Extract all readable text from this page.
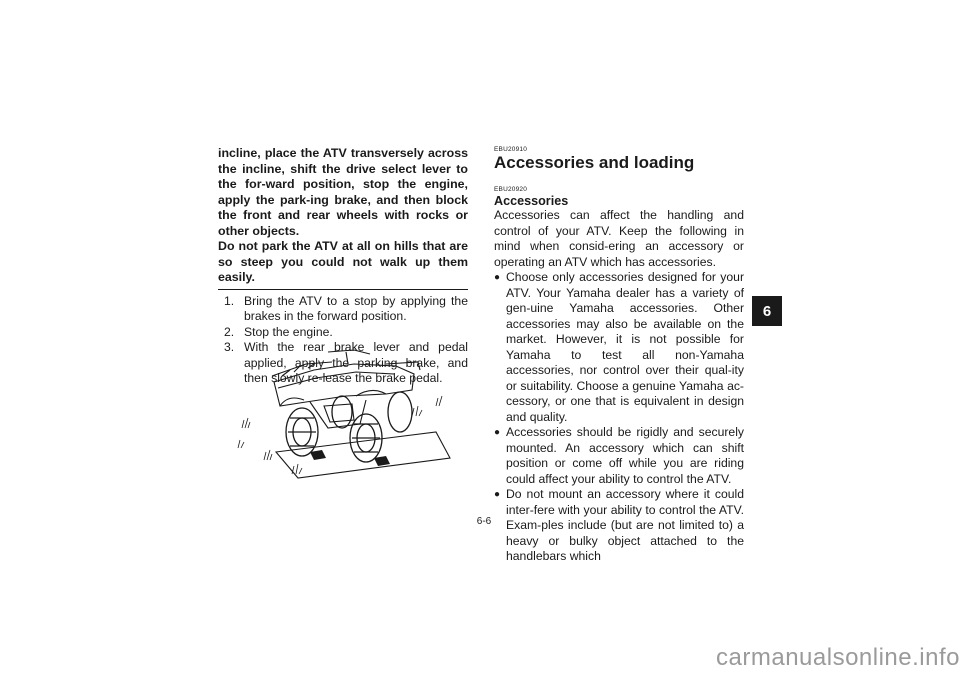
incline, place the ATV transversely across the incline, shift the drive select lever to the for-ward position, stop the engine, apply the park-ing brake, and then block the front and rear wheels with rocks or other objects.

Do not park the ATV at all on hills that are so steep you could not walk up them easily.

1. Bring the ATV to a stop by applying the brakes in the forward position.
2. Stop the engine.
3. With the rear brake lever and pedal applied, apply the parking brake, and then slowly re-lease the brake pedal.
EBU20910
Accessories and loading
EBU20920
Accessories

Accessories can affect the handling and control of your ATV. Keep the following in mind when consid-ering an accessory or operating an ATV which has accessories.

● Choose only accessories designed for your ATV. Your Yamaha dealer has a variety of gen-uine Yamaha accessories. Other accessories may also be available on the market. However, it is not possible for Yamaha to test all non-Yamaha accessories, nor control over their qual-ity or suitability. Choose a genuine Yamaha ac-cessory, or one that is equivalent in design and quality.
● Accessories should be rigidly and securely mounted. An accessory which can shift position or come off while you are riding could affect your ability to control the ATV.
● Do not mount an accessory where it could inter-fere with your ability to control the ATV. Exam-ples include (but are not limited to) a heavy or bulky object attached to the handlebars which
6
6-6
carmanualsonline.info
